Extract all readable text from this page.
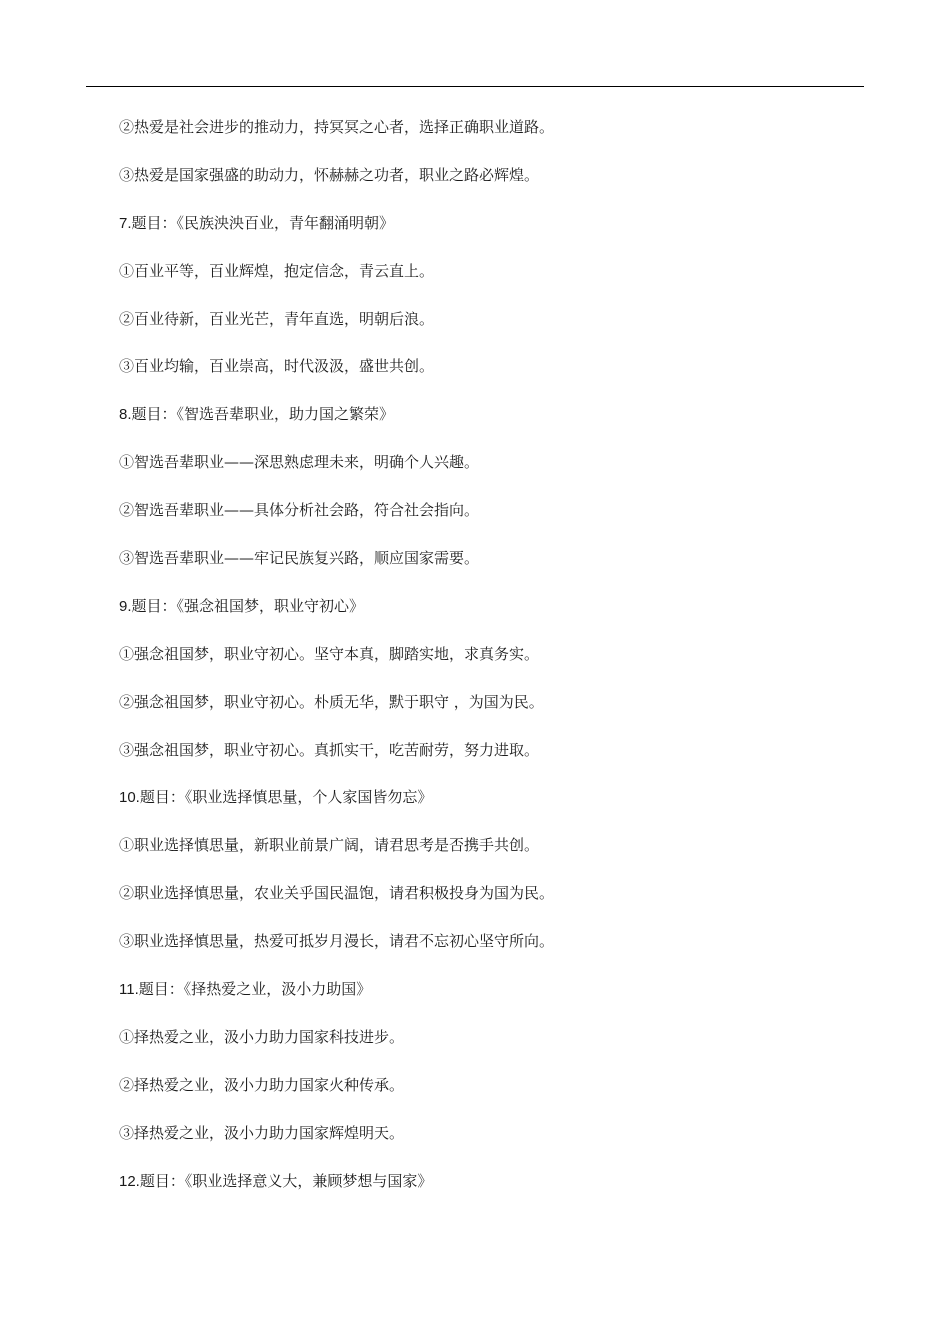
②热爱是社会进步的推动力，持冥冥之心者，选择正确职业道路。
③热爱是国家强盛的助动力，怀赫赫之功者，职业之路必辉煌。
7.题目：《民族泱泱百业，青年翻涌明朝》
①百业平等，百业辉煌，抱定信念，青云直上。
②百业待新，百业光芒，青年直选，明朝后浪。
③百业均输，百业崇高，时代汲汲，盛世共创。
8.题目：《智选吾辈职业，助力国之繁荣》
①智选吾辈职业——深思熟虑理未来，明确个人兴趣。
②智选吾辈职业——具体分析社会路，符合社会指向。
③智选吾辈职业——牢记民族复兴路，顺应国家需要。
9.题目：《强念祖国梦，职业守初心》
①强念祖国梦，职业守初心。坚守本真，脚踏实地，求真务实。
②强念祖国梦，职业守初心。朴质无华，默于职守 ，为国为民。
③强念祖国梦，职业守初心。真抓实干，吃苦耐劳，努力进取。
10.题目：《职业选择慎思量，个人家国皆勿忘》
①职业选择慎思量，新职业前景广阔，请君思考是否携手共创。
②职业选择慎思量，农业关乎国民温饱，请君积极投身为国为民。
③职业选择慎思量，热爱可抵岁月漫长，请君不忘初心坚守所向。
11.题目：《择热爱之业，汲小力助国》
①择热爱之业，汲小力助力国家科技进步。
②择热爱之业，汲小力助力国家火种传承。
③择热爱之业，汲小力助力国家辉煌明天。
12.题目：《职业选择意义大，兼顾梦想与国家》
